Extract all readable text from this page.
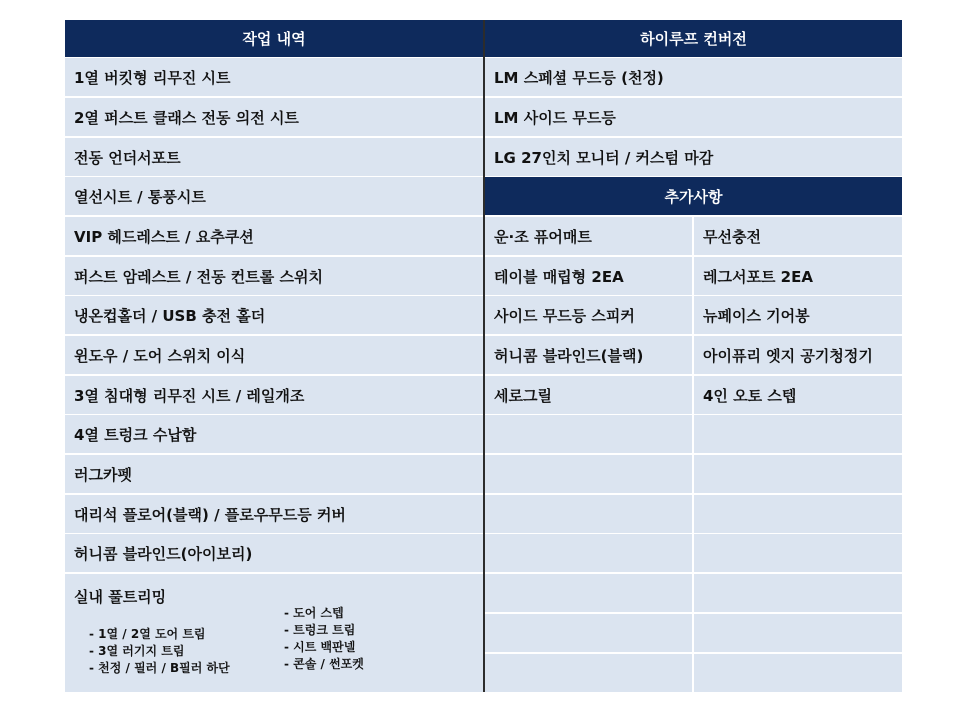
작업 내역	하이루프 컨버전
1열 버킷형 리무진 시트
2열 퍼스트 클래스 전동 의전 시트
전동 언더서포트
열선시트 / 통풍시트
VIP 헤드레스트 / 요추쿠션
퍼스트 암레스트 / 전동 컨트롤 스위치
냉온컵홀더 / USB 충전 홀더
윈도우 / 도어 스위치 이식
3열 침대형 리무진 시트 / 레일개조
4열 트렁크 수납함
러그카펫
대리석 플로어(블랙) / 플로우무드등 커버
허니콤 블라인드(아이보리)
실내 풀트리밍
- 1열 / 2열 도어 트림
- 3열 러기지 트림
- 천정 / 필러 / B필러 하단
- 도어 스텝
- 트렁크 트림
- 시트 백판넬
- 콘솔 / 썬포켓
LM 스페셜 무드등 (천정)
LM 사이드 무드등
LG 27인치 모니터 / 커스텀 마감
추가사항
운·조 퓨어매트
테이블 매립형 2EA
사이드 무드등 스피커
허니콤 블라인드(블랙)
세로그릴
무선충전
레그서포트 2EA
뉴페이스 기어봉
아이퓨리 엣지 공기청정기
4인 오토 스텝
